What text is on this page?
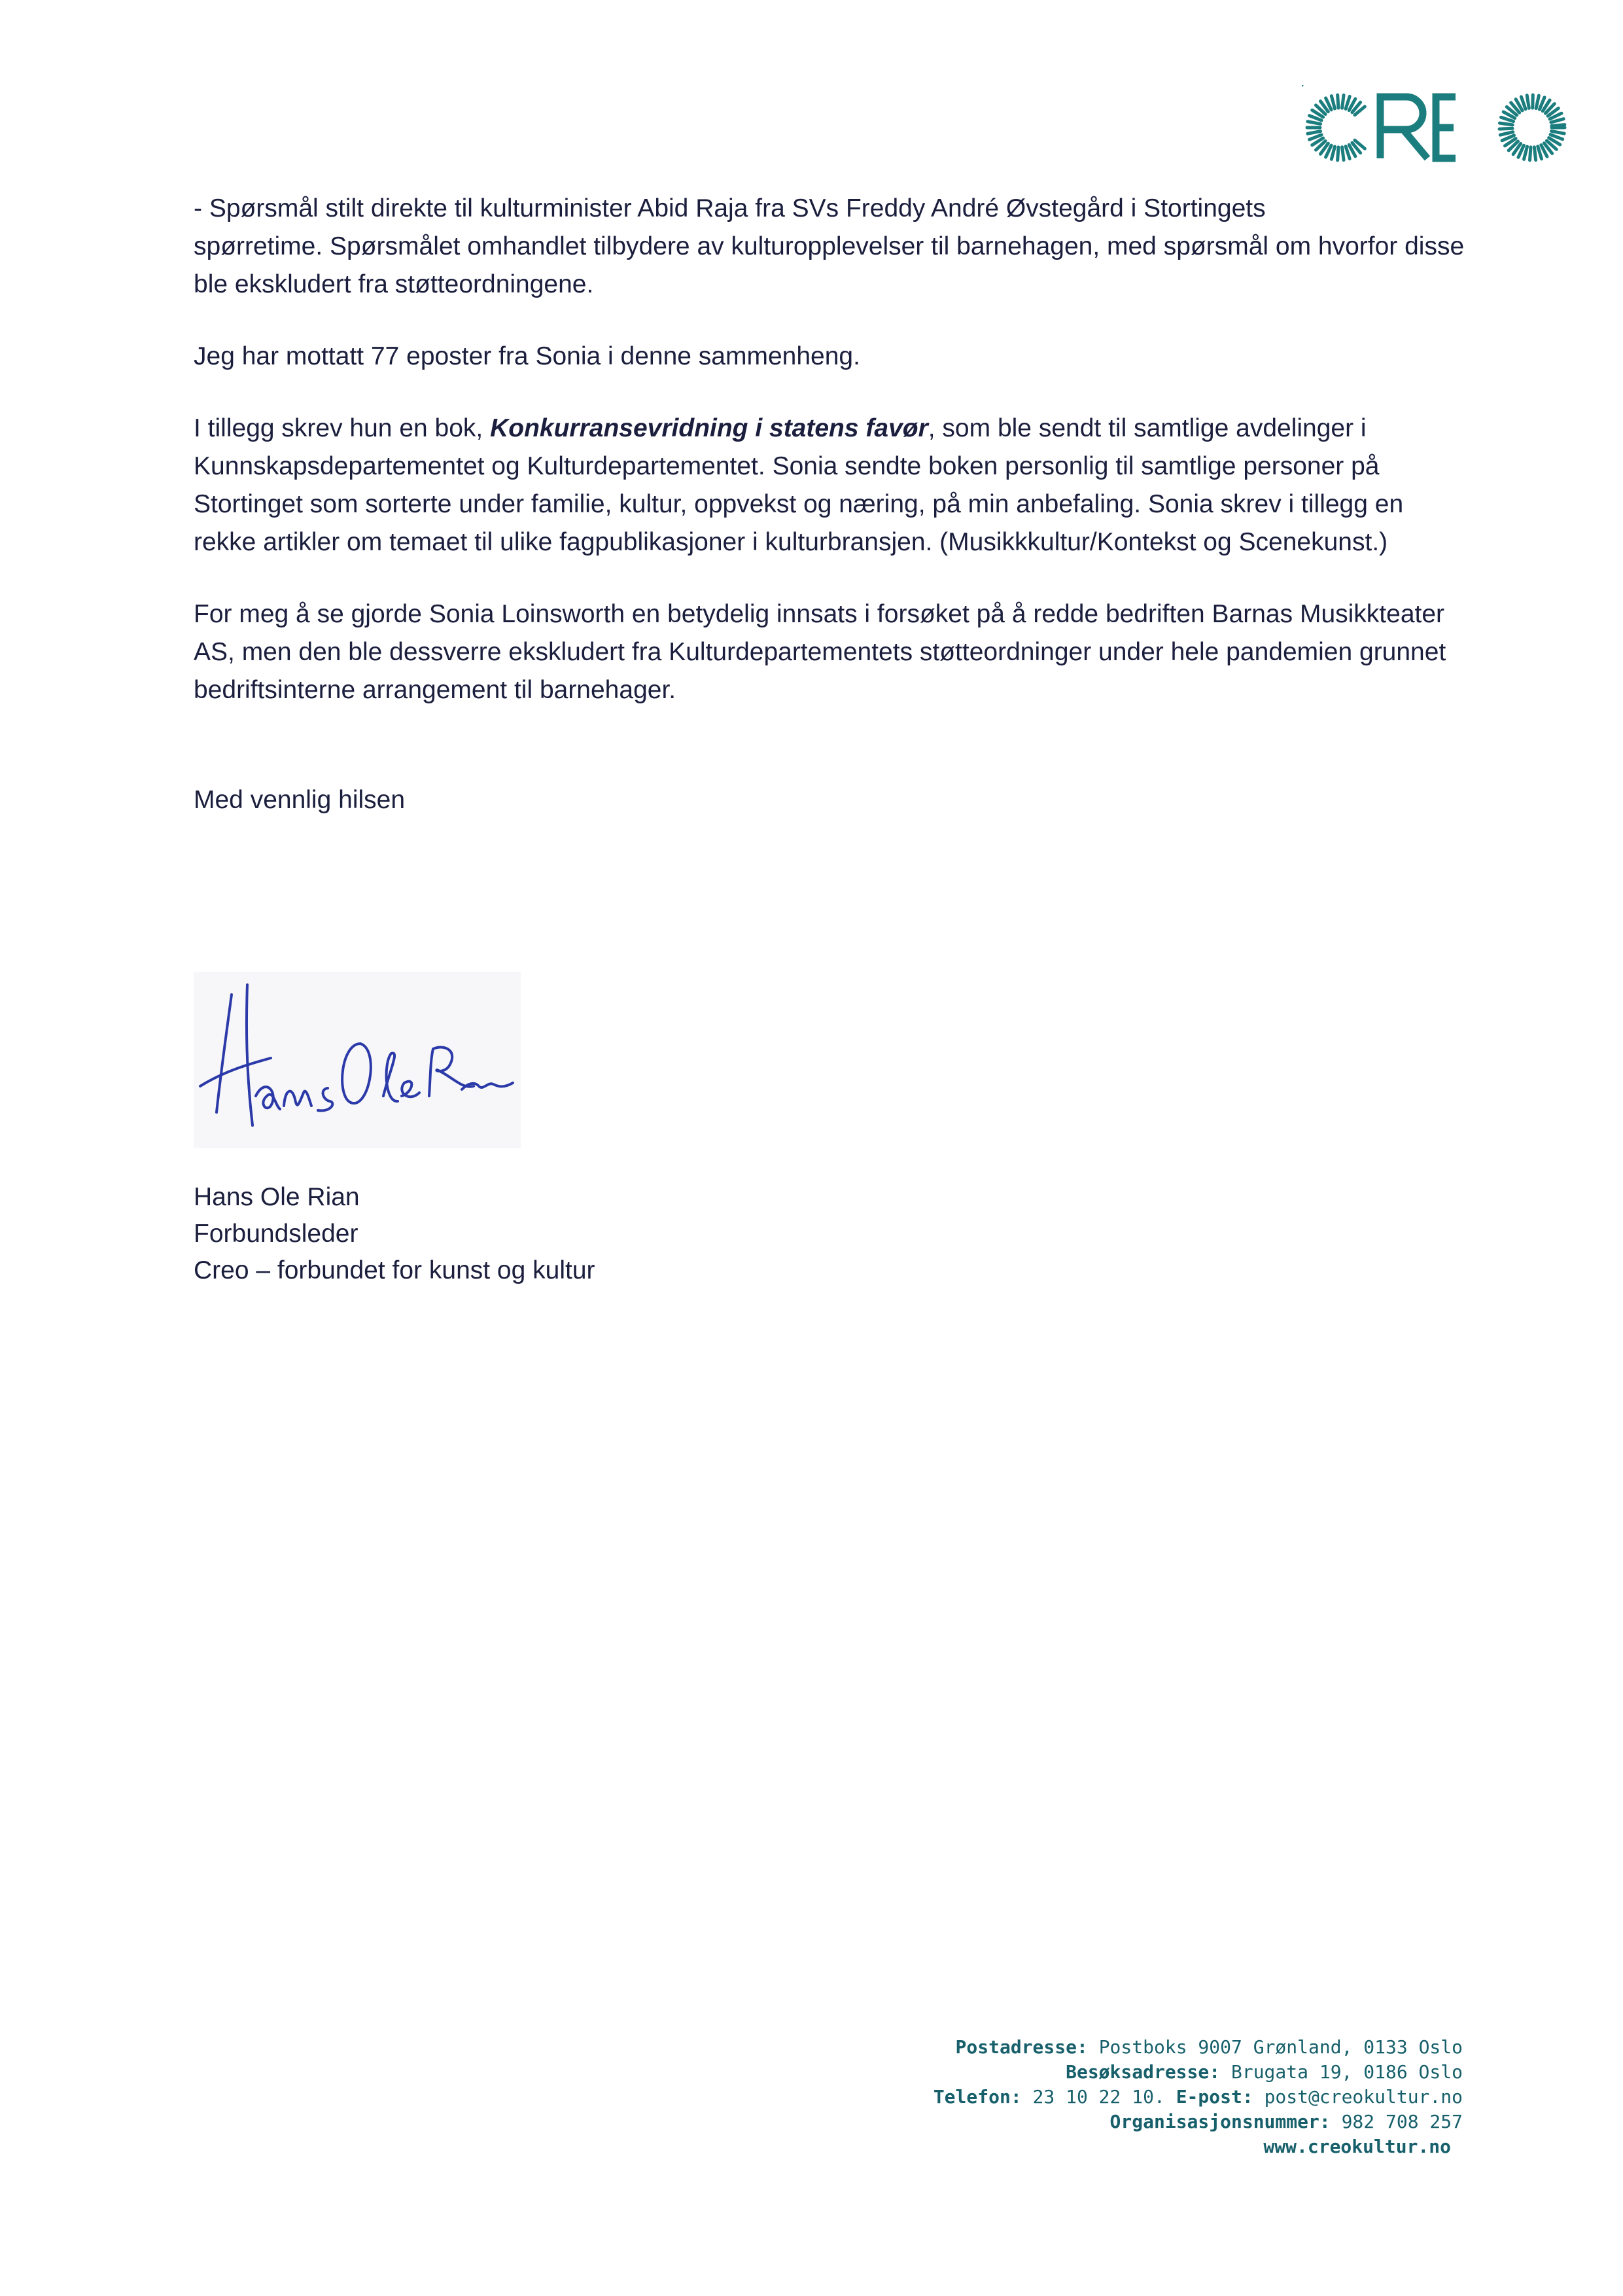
- Spørsmål stilt direkte til kulturminister Abid Raja fra SVs Freddy André Øvstegård i Stortingets

spørretime. Spørsmålet omhandlet tilbydere av kulturopplevelser til barnehagen, med spørsmål om hvorfor disse ble ekskludert fra støtteordningene.

Jeg har mottatt 77 eposter fra Sonia i denne sammenheng.

I tillegg skrev hun en bok, Konkurransevridning i statens favør, som ble sendt til samtlige avdelinger i Kunnskapsdepartementet og Kulturdepartementet. Sonia sendte boken personlig til samtlige personer på Stortinget som sorterte under familie, kultur, oppvekst og næring, på min anbefaling. Sonia skrev i tillegg en rekke artikler om temaet til ulike fagpublikasjoner i kulturbransjen. (Musikkkultur/Kontekst og Scenekunst.)

For meg å se gjorde Sonia Loinsworth en betydelig innsats i forsøket på å redde bedriften Barnas Musikkteater AS, men den ble dessverre ekskludert fra Kulturdepartementets støtteordninger under hele pandemien grunnet bedriftsinterne arrangement til barnehager.

Med vennlig hilsen

Hans Ole Rian
Forbundsleder
Creo – forbundet for kunst og kultur
Postadresse: Postboks 9007 Grønland, 0133 Oslo
Besøksadresse: Brugata 19, 0186 Oslo
Telefon: 23 10 22 10. E-post: post@creokultur.no
Organisasjonsnummer: 982 708 257
www.creokultur.no
